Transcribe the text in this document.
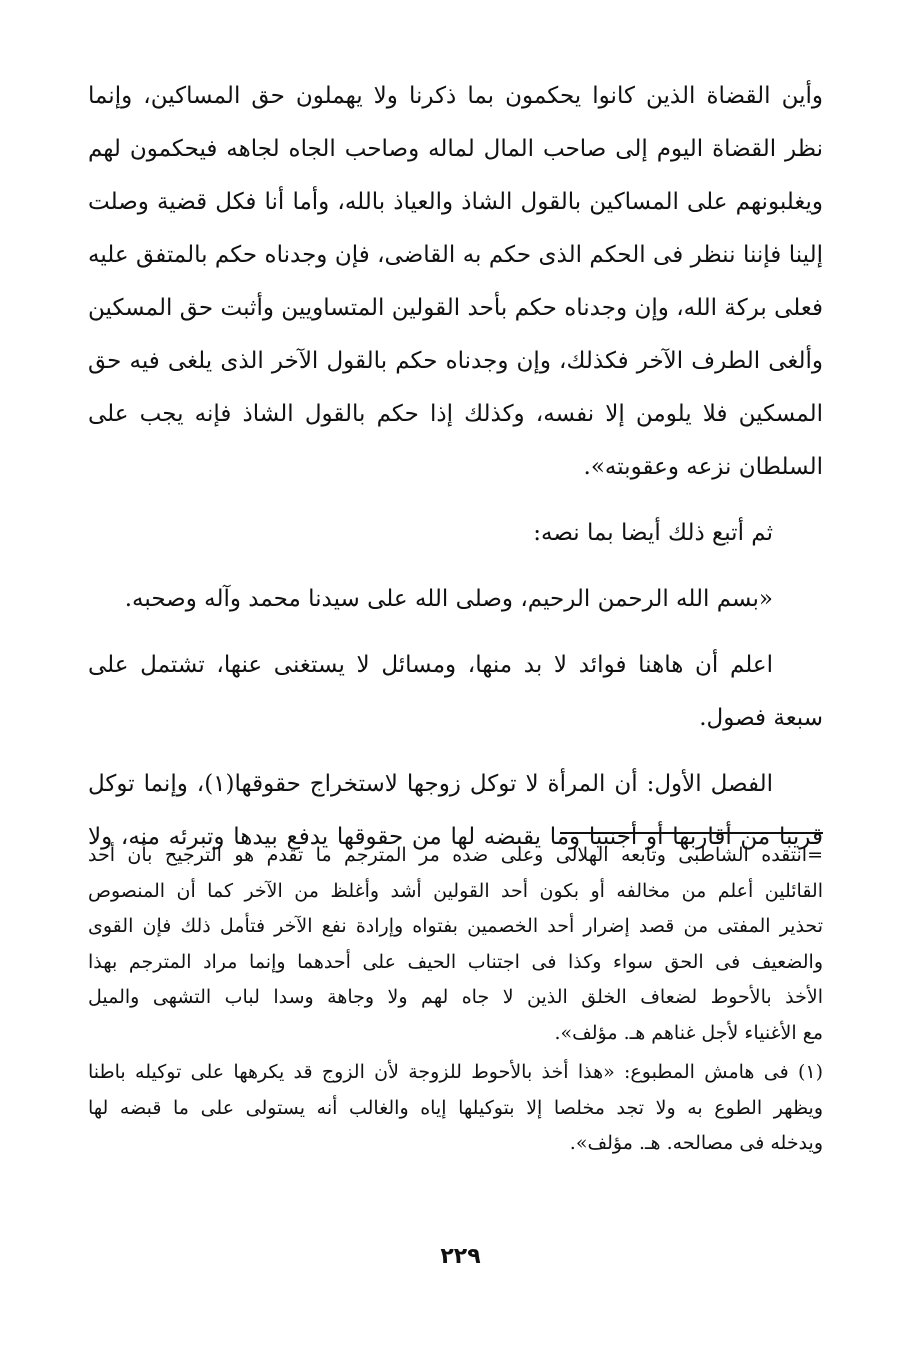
وأين القضاة الذين كانوا يحكمون بما ذكرنا ولا يهملون حق المساكين، وإنما
نظر القضاة اليوم إلى صاحب المال لماله وصاحب الجاه لجاهه فيحكمون لهم
ويغلبونهم على المساكين بالقول الشاذ والعياذ بالله، وأما أنا فكل قضية وصلت
إلينا فإننا ننظر فى الحكم الذى حكم به القاضى، فإن وجدناه حكم بالمتفق عليه
فعلى بركة الله، وإن وجدناه حكم بأحد القولين المتساويين وأثبت حق المسكين
وألغى الطرف الآخر فكذلك، وإن وجدناه حكم بالقول الآخر الذى يلغى فيه حق
المسكين فلا يلومن إلا نفسه، وكذلك إذا حكم بالقول الشاذ فإنه يجب على
السلطان نزعه وعقوبته».
ثم أتبع ذلك أيضا بما نصه:
«بسم الله الرحمن الرحيم، وصلى الله على سيدنا محمد وآله وصحبه.
اعلم أن هاهنا فوائد لا بد منها، ومسائل لا يستغنى عنها، تشتمل على
سبعة فصول.
الفصل الأول: أن المرأة لا توكل زوجها لاستخراج حقوقها(١)، وإنما توكل
قريبا من أقاربها أو أجنبيا وما يقبضه لها من حقوقها يدفع بيدها وتبرئه منه، ولا
=انتقده الشاطبى وتابعه الهلالى وعلى ضده مر المترجم ما تقدم هو الترجيح بأن أحد
القائلين أعلم من مخالفه أو بكون أحد القولين أشد وأغلظ من الآخر كما أن المنصوص
تحذير المفتى من قصد إضرار أحد الخصمين بفتواه وإرادة نفع الآخر فتأمل ذلك فإن القوى
والضعيف فى الحق سواء وكذا فى اجتناب الحيف على أحدهما وإنما مراد المترجم بهذا
الأخذ بالأحوط لضعاف الخلق الذين لا جاه لهم ولا وجاهة وسدا لباب التشهى والميل
مع الأغنياء لأجل غناهم هـ. مؤلف».
(١) فى هامش المطبوع: «هذا أخذ بالأحوط للزوجة لأن الزوج قد يكرهها على توكيله باطنا
ويظهر الطوع به ولا تجد مخلصا إلا بتوكيلها إياه والغالب أنه يستولى على ما قبضه لها
ويدخله فى مصالحه. هـ. مؤلف».
٢٢٩
